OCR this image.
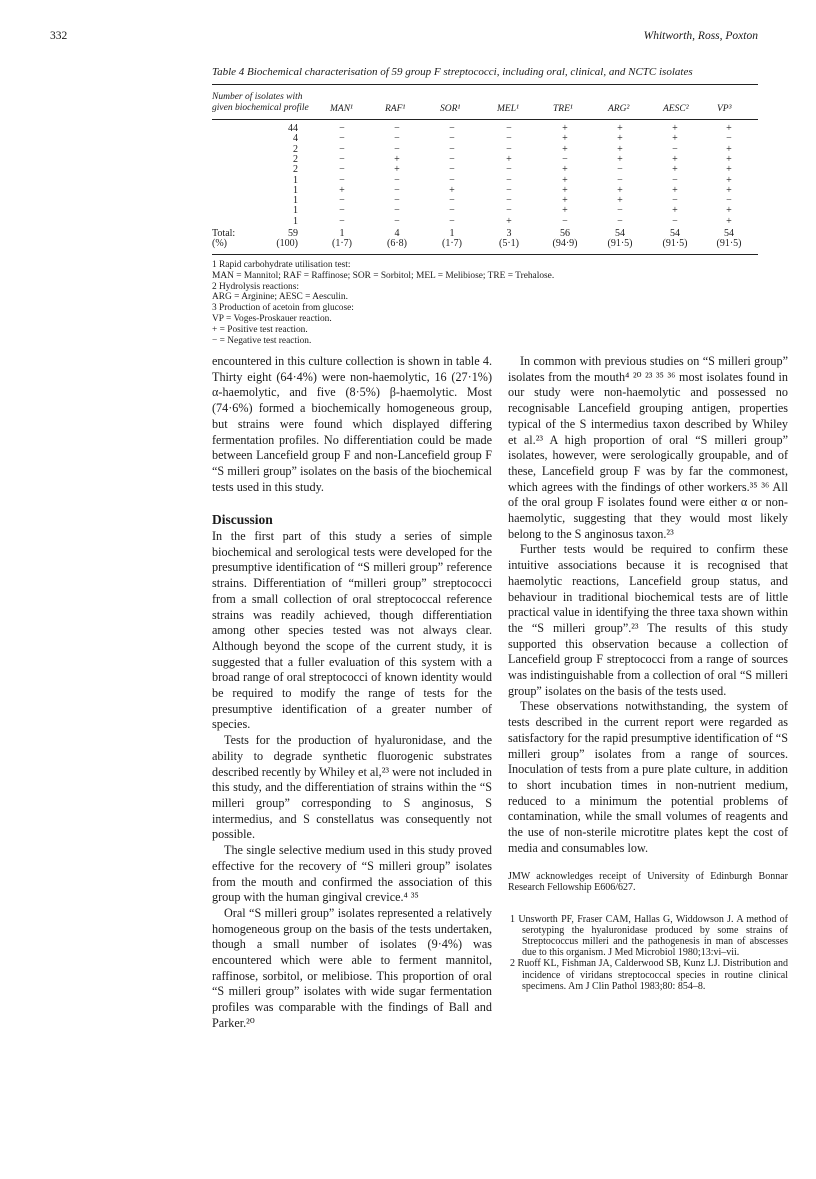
332	Whitworth, Ross, Poxton
Table 4 Biochemical characterisation of 59 group F streptococci, including oral, clinical, and NCTC isolates
Number of isolates with
given biochemical profile MAN¹	RAF¹	SOR¹	MEL¹	TRE¹	ARG²	AESC²	VP³
44	−	−	−	−	+	+	+	+
4	−	−	−	−	+	+	+	−
2	−	−	−	−	+	+	−	+
2	−	+	−	+	−	+	+	+
2	−	+	−	−	+	−	+	+
1	−	−	−	−	+	−	−	+
1	+	−	+	−	+	+	+	+
1	−	−	−	−	+	+	−	−
1	−	−	−	−	+	−	+	+
1	−	−	−	+	−	−	−	+
Total:	59	1	4	1	3	56	54	54	54
(%)	(100)	(1·7)	(6·8)	(1·7)	(5·1)	(94·9)	(91·5)	(91·5)	(91·5)
1 Rapid carbohydrate utilisation test:
MAN = Mannitol; RAF = Raffinose; SOR = Sorbitol; MEL = Melibiose; TRE = Trehalose.
2 Hydrolysis reactions:
ARG = Arginine; AESC = Aesculin.
3 Production of acetoin from glucose:
VP = Voges-Proskauer reaction.
+ = Positive test reaction.
− = Negative test reaction.

encountered in this culture collection is shown in table 4. Thirty eight (64·4%) were non-haemolytic, 16 (27·1%) α-haemolytic, and five (8·5%) β-haemolytic. Most (74·6%) formed a biochemically homogeneous group, but strains were found which displayed differing fermentation profiles. No differentiation could be made between Lancefield group F and non-Lancefield group F “S milleri group” isolates on the basis of the biochemical tests used in this study.

Discussion

In the first part of this study a series of simple biochemical and serological tests were developed for the presumptive identification of “S milleri group” reference strains. Differentiation of “milleri group” streptococci from a small collection of oral streptococcal reference strains was readily achieved, though differentiation among other species tested was not always clear. Although beyond the scope of the current study, it is suggested that a fuller evaluation of this system with a broad range of oral streptococci of known identity would be required to modify the range of tests for the presumptive identification of a greater number of species.

Tests for the production of hyaluronidase, and the ability to degrade synthetic fluorogenic substrates described recently by Whiley et al,²³ were not included in this study, and the differentiation of strains within the “S milleri group” corresponding to S anginosus, S intermedius, and S constellatus was consequently not possible.

The single selective medium used in this study proved effective for the recovery of “S milleri group” isolates from the mouth and confirmed the association of this group with the human gingival crevice.⁴ ³⁵

Oral “S milleri group” isolates represented a relatively homogeneous group on the basis of the tests undertaken, though a small number of isolates (9·4%) was encountered which were able to ferment mannitol, raffinose, sorbitol, or melibiose. This proportion of oral “S milleri group” isolates with wide sugar fermentation profiles was comparable with the findings of Ball and Parker.²⁰

In common with previous studies on “S milleri group” isolates from the mouth⁴ ²⁰ ²³ ³⁵ ³⁶ most isolates found in our study were non-haemolytic and possessed no recognisable Lancefield grouping antigen, properties typical of the S intermedius taxon described by Whiley et al.²³ A high proportion of oral “S milleri group” isolates, however, were serologically groupable, and of these, Lancefield group F was by far the commonest, which agrees with the findings of other workers.³⁵ ³⁶ All of the oral group F isolates found were either α or non-haemolytic, suggesting that they would most likely belong to the S anginosus taxon.²³

Further tests would be required to confirm these intuitive associations because it is recognised that haemolytic reactions, Lancefield group status, and behaviour in traditional biochemical tests are of little practical value in identifying the three taxa shown within the “S milleri group”.²³ The results of this study supported this observation because a collection of Lancefield group F streptococci from a range of sources was indistinguishable from a collection of oral “S milleri group” isolates on the basis of the tests used.

These observations notwithstanding, the system of tests described in the current report were regarded as satisfactory for the rapid presumptive identification of “S milleri group” isolates from a range of sources. Inoculation of tests from a pure plate culture, in addition to short incubation times in non-nutrient medium, reduced to a minimum the potential problems of contamination, while the small volumes of reagents and the use of non-sterile microtitre plates kept the cost of media and consumables low.

JMW acknowledges receipt of University of Edinburgh Bonnar Research Fellowship E606/627.

1 Unsworth PF, Fraser CAM, Hallas G, Widdowson J. A method of serotyping the hyaluronidase produced by some strains of Streptococcus milleri and the pathogenesis in man of abscesses due to this organism. J Med Microbiol 1980;13:vi–vii.

2 Ruoff KL, Fishman JA, Calderwood SB, Kunz LJ. Distribution and incidence of viridans streptococcal species in routine clinical specimens. Am J Clin Pathol 1983;80: 854–8.
